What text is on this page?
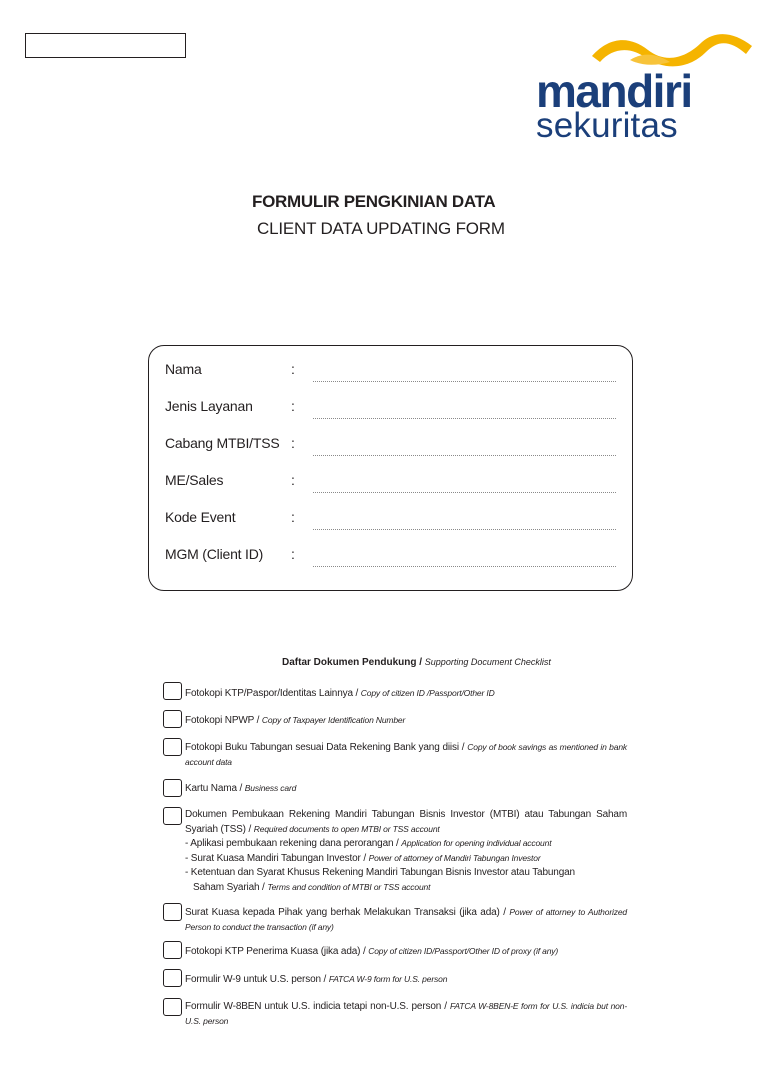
mandiri
sekuritas
FORMULIR PENGKINIAN DATA
CLIENT DATA UPDATING FORM
Nama	:
Jenis Layanan	:
Cabang MTBI/TSS :
ME/Sales	:
Kode Event	:
MGM (Client ID) :
Daftar Dokumen Pendukung / Supporting Document Checklist
Fotokopi KTP/Paspor/Identitas Lainnya / Copy of citizen ID /Passport/Other ID
Fotokopi NPWP / Copy of Taxpayer Identification Number
Fotokopi Buku Tabungan sesuai Data Rekening Bank yang diisi / Copy of book savings as mentioned in bank account data
Kartu Nama / Business card
Dokumen Pembukaan Rekening Mandiri Tabungan Bisnis Investor (MTBI) atau Tabungan Saham Syariah (TSS) / Required documents to open MTBI or TSS account
- Aplikasi pembukaan rekening dana perorangan / Application for opening individual account
- Surat Kuasa Mandiri Tabungan Investor / Power of attorney of Mandiri Tabungan Investor
- Ketentuan dan Syarat Khusus Rekening Mandiri Tabungan Bisnis Investor atau Tabungan
Saham Syariah / Terms and condition of MTBI or TSS account
Surat Kuasa kepada Pihak yang berhak Melakukan Transaksi (jika ada) / Power of attorney to Authorized Person to conduct the transaction (if any)
Fotokopi KTP Penerima Kuasa (jika ada) / Copy of citizen ID/Passport/Other ID of proxy (if any)
Formulir W-9 untuk U.S. person / FATCA W-9 form for U.S. person
Formulir W-8BEN untuk U.S. indicia tetapi non-U.S. person / FATCA W-8BEN-E form for U.S. indicia but non-U.S. person
